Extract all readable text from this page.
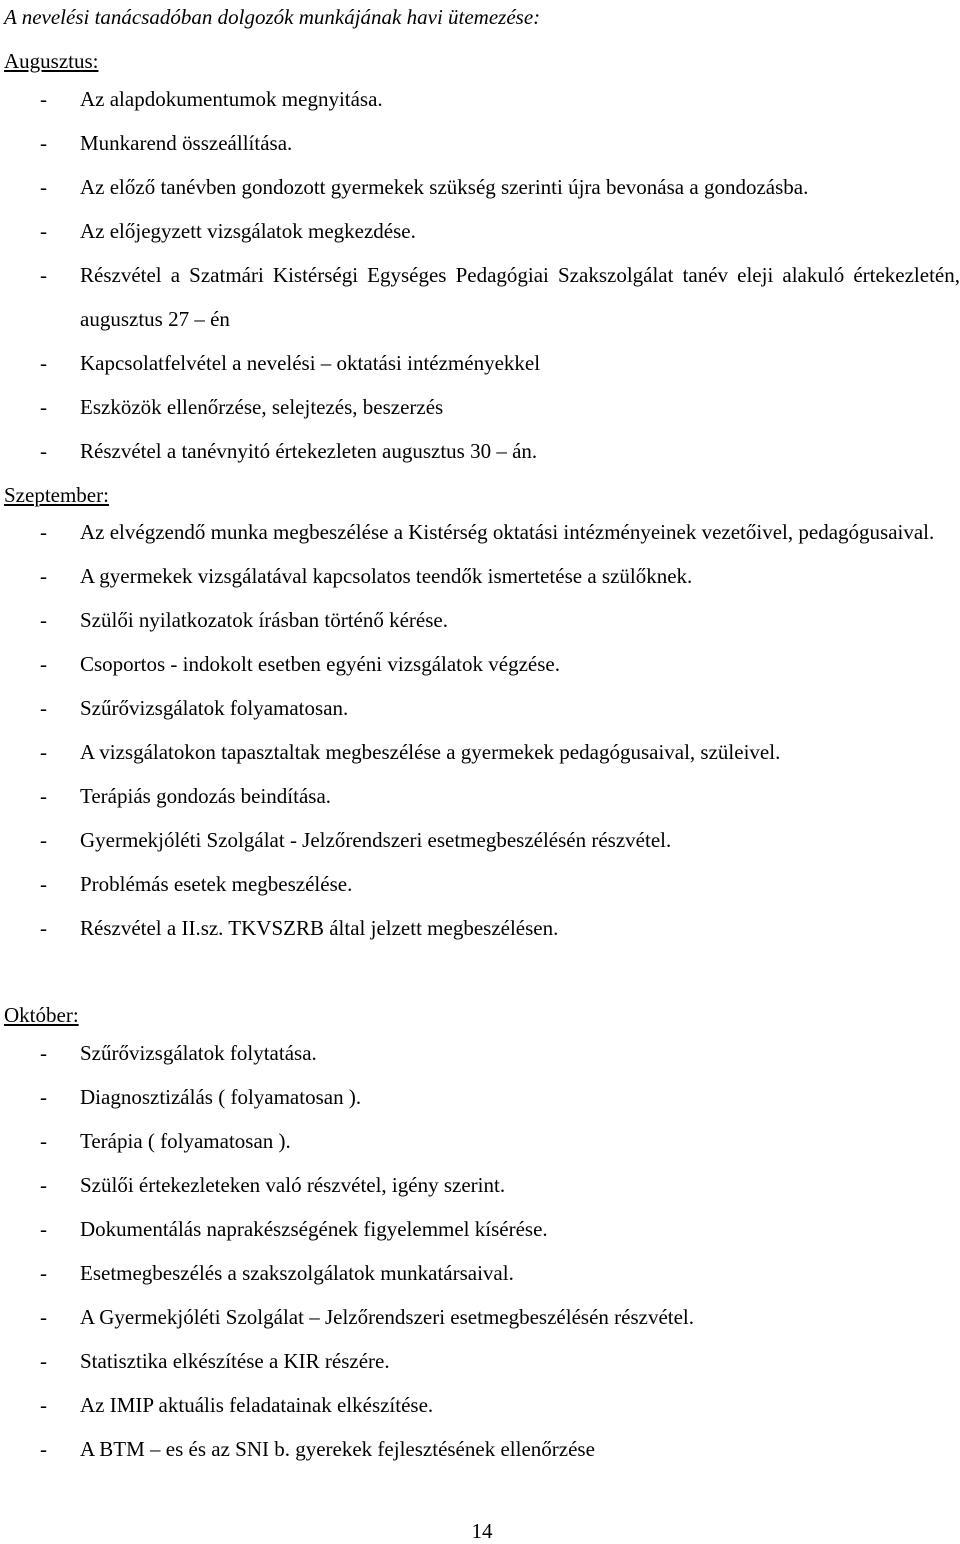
A nevelési tanácsadóban dolgozók munkájának havi ütemezése:
Augusztus:
- Az alapdokumentumok megnyitása.
- Munkarend összeállítása.
- Az előző tanévben gondozott gyermekek szükség szerinti újra bevonása a gondozásba.
- Az előjegyzett vizsgálatok megkezdése.
- Részvétel a Szatmári Kistérségi Egységes Pedagógiai Szakszolgálat tanév eleji alakuló értekezletén, augusztus 27 – én
- Kapcsolatfelvétel a nevelési – oktatási intézményekkel
- Eszközök ellenőrzése, selejtezés, beszerzés
- Részvétel a tanévnyitó értekezleten augusztus 30 – án.
Szeptember:
- Az elvégzendő munka megbeszélése a Kistérség oktatási intézményeinek vezetőivel, pedagógusaival.
- A gyermekek vizsgálatával kapcsolatos teendők ismertetése a szülőknek.
- Szülői nyilatkozatok írásban történő kérése.
- Csoportos - indokolt esetben egyéni vizsgálatok végzése.
- Szűrővizsgálatok folyamatosan.
- A vizsgálatokon tapasztaltak megbeszélése a gyermekek pedagógusaival, szüleivel.
- Terápiás gondozás beindítása.
- Gyermekjóléti Szolgálat - Jelzőrendszeri esetmegbeszélésén részvétel.
- Problémás esetek megbeszélése.
- Részvétel a II.sz. TKVSZRB által jelzett megbeszélésen.
Október:
- Szűrővizsgálatok folytatása.
- Diagnosztizálás ( folyamatosan ).
- Terápia ( folyamatosan ).
- Szülői értekezleteken való részvétel, igény szerint.
- Dokumentálás naprakészségének figyelemmel kísérése.
- Esetmegbeszélés a szakszolgálatok munkatársaival.
- A Gyermekjóléti Szolgálat – Jelzőrendszeri esetmegbeszélésén részvétel.
- Statisztika elkészítése a KIR részére.
- Az IMIP aktuális feladatainak elkészítése.
- A BTM – es és az SNI b. gyerekek fejlesztésének ellenőrzése
14
